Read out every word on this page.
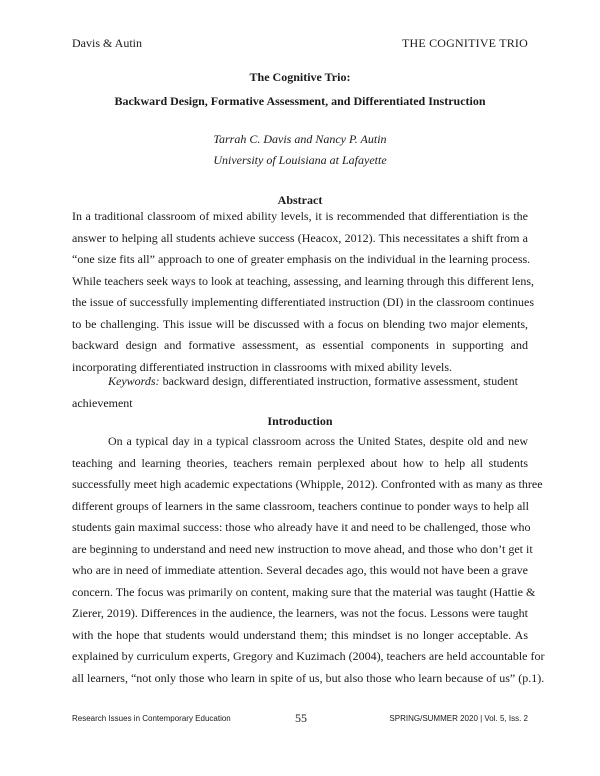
Davis & Autin	THE COGNITIVE TRIO
The Cognitive Trio:
Backward Design, Formative Assessment, and Differentiated Instruction
Tarrah C. Davis and Nancy P. Autin
University of Louisiana at Lafayette
Abstract
In a traditional classroom of mixed ability levels, it is recommended that differentiation is the
answer to helping all students achieve success (Heacox, 2012). This necessitates a shift from a
“one size fits all” approach to one of greater emphasis on the individual in the learning process.
While teachers seek ways to look at teaching, assessing, and learning through this different lens,
the issue of successfully implementing differentiated instruction (DI) in the classroom continues
to be challenging. This issue will be discussed with a focus on blending two major elements,
backward design and formative assessment, as essential components in supporting and
incorporating differentiated instruction in classrooms with mixed ability levels.
Keywords: backward design, differentiated instruction, formative assessment, student
achievement
Introduction
On a typical day in a typical classroom across the United States, despite old and new
teaching and learning theories, teachers remain perplexed about how to help all students
successfully meet high academic expectations (Whipple, 2012). Confronted with as many as three
different groups of learners in the same classroom, teachers continue to ponder ways to help all
students gain maximal success: those who already have it and need to be challenged, those who
are beginning to understand and need new instruction to move ahead, and those who don’t get it
who are in need of immediate attention. Several decades ago, this would not have been a grave
concern. The focus was primarily on content, making sure that the material was taught (Hattie &
Zierer, 2019). Differences in the audience, the learners, was not the focus. Lessons were taught
with the hope that students would understand them; this mindset is no longer acceptable. As
explained by curriculum experts, Gregory and Kuzimach (2004), teachers are held accountable for
all learners, “not only those who learn in spite of us, but also those who learn because of us” (p.1).
Research Issues in Contemporary Education	55	SPRING/SUMMER 2020 | Vol. 5, Iss. 2
